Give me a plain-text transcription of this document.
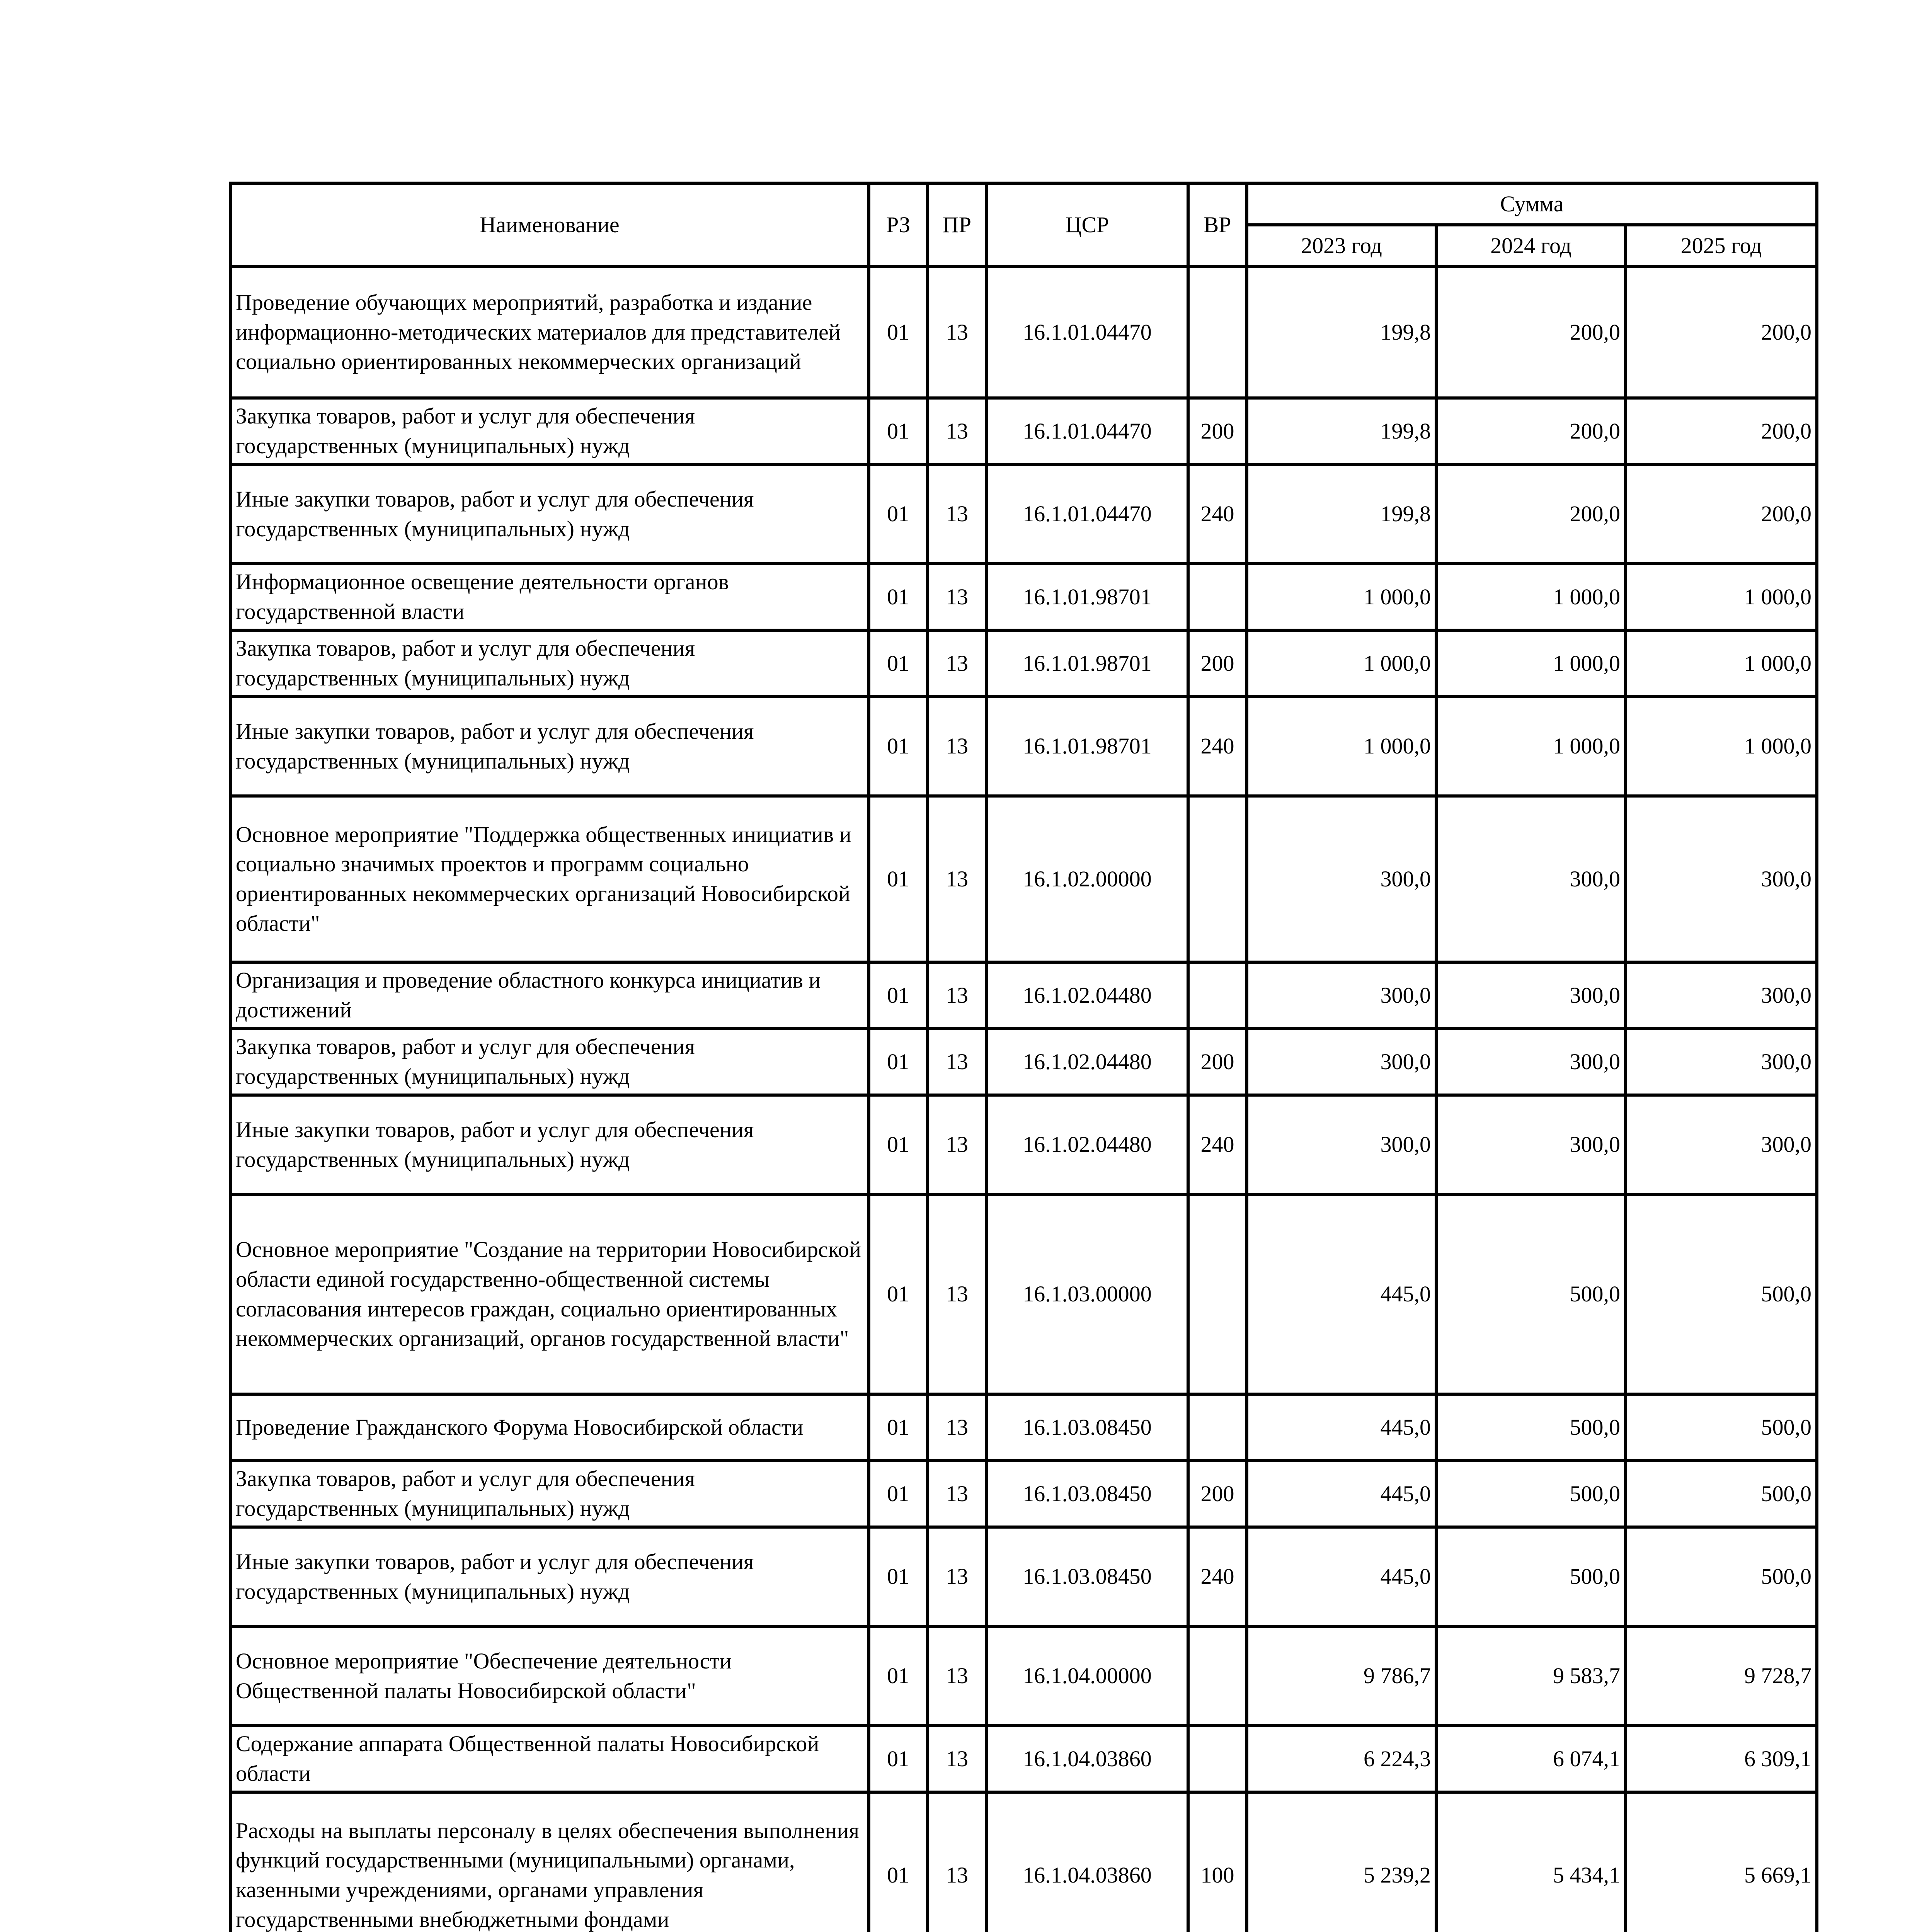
Наименование	РЗ	ПР	ЦСР	ВР	Сумма		
					2023 год	2024 год	2025 год
Проведение обучающих мероприятий, разработка и издание информационно-методических материалов для представителей социально ориентированных некоммерческих организаций	01	13	16.1.01.04470		199,8	200,0	200,0
Закупка товаров, работ и услуг для обеспечения государственных (муниципальных) нужд	01	13	16.1.01.04470	200	199,8	200,0	200,0
Иные закупки товаров, работ и услуг для обеспечения государственных (муниципальных) нужд	01	13	16.1.01.04470	240	199,8	200,0	200,0
Информационное освещение деятельности органов государственной власти	01	13	16.1.01.98701		1 000,0	1 000,0	1 000,0
Закупка товаров, работ и услуг для обеспечения государственных (муниципальных) нужд	01	13	16.1.01.98701	200	1 000,0	1 000,0	1 000,0
Иные закупки товаров, работ и услуг для обеспечения государственных (муниципальных) нужд	01	13	16.1.01.98701	240	1 000,0	1 000,0	1 000,0
Основное мероприятие "Поддержка общественных инициатив и социально значимых проектов и программ социально ориентированных некоммерческих организаций Новосибирской области"	01	13	16.1.02.00000		300,0	300,0	300,0
Организация и проведение областного конкурса инициатив и достижений	01	13	16.1.02.04480		300,0	300,0	300,0
Закупка товаров, работ и услуг для обеспечения государственных (муниципальных) нужд	01	13	16.1.02.04480	200	300,0	300,0	300,0
Иные закупки товаров, работ и услуг для обеспечения государственных (муниципальных) нужд	01	13	16.1.02.04480	240	300,0	300,0	300,0
Основное мероприятие "Создание на территории Новосибирской области единой государственно-общественной системы согласования интересов граждан, социально ориентированных некоммерческих организаций, органов государственной власти"	01	13	16.1.03.00000		445,0	500,0	500,0
Проведение Гражданского Форума Новосибирской области	01	13	16.1.03.08450		445,0	500,0	500,0
Закупка товаров, работ и услуг для обеспечения государственных (муниципальных) нужд	01	13	16.1.03.08450	200	445,0	500,0	500,0
Иные закупки товаров, работ и услуг для обеспечения государственных (муниципальных) нужд	01	13	16.1.03.08450	240	445,0	500,0	500,0
Основное мероприятие "Обеспечение деятельности Общественной палаты Новосибирской области"	01	13	16.1.04.00000		9 786,7	9 583,7	9 728,7
Содержание аппарата Общественной палаты Новосибирской области	01	13	16.1.04.03860		6 224,3	6 074,1	6 309,1
Расходы на выплаты персоналу в целях обеспечения выполнения функций государственными (муниципальными) органами, казенными учреждениями, органами управления государственными внебюджетными фондами	01	13	16.1.04.03860	100	5 239,2	5 434,1	5 669,1
